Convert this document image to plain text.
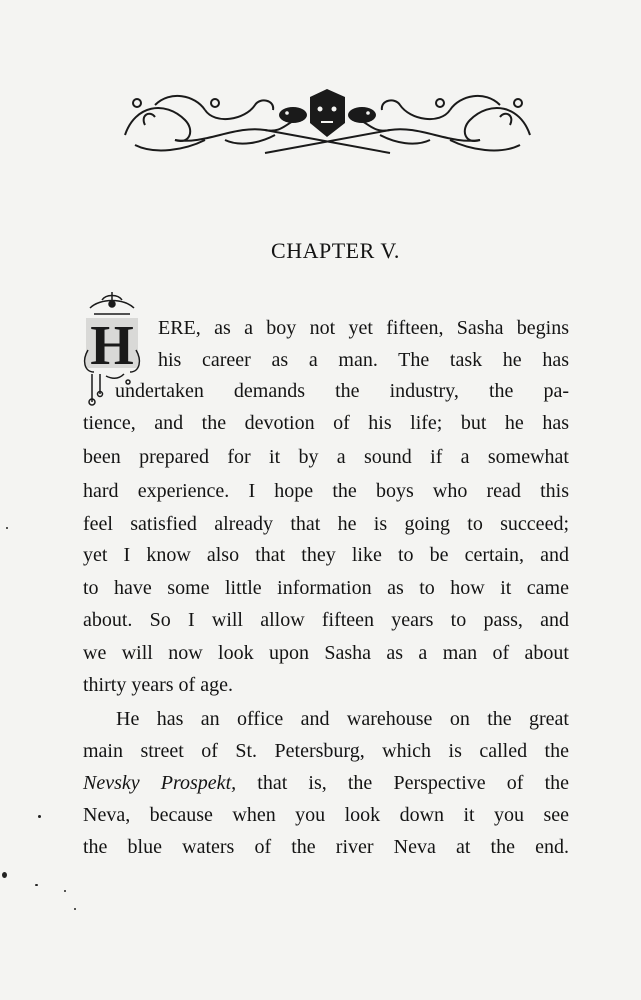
CHAPTER V.
H ERE, as a boy not yet fifteen, Sasha begins

his career as a man. The task he has

undertaken demands the industry, the pa-

tience, and the devotion of his life; but he has

been prepared for it by a sound if a somewhat

hard experience. I hope the boys who read this

feel satisfied already that he is going to succeed;

yet I know also that they like to be certain, and

to have some little information as to how it came

about. So I will allow fifteen years to pass, and

we will now look upon Sasha as a man of about

thirty years of age.

He has an office and warehouse on the great

main street of St. Petersburg, which is called the

Nevsky Prospekt, that is, the Perspective of the

Neva, because when you look down it you see

the blue waters of the river Neva at the end.
